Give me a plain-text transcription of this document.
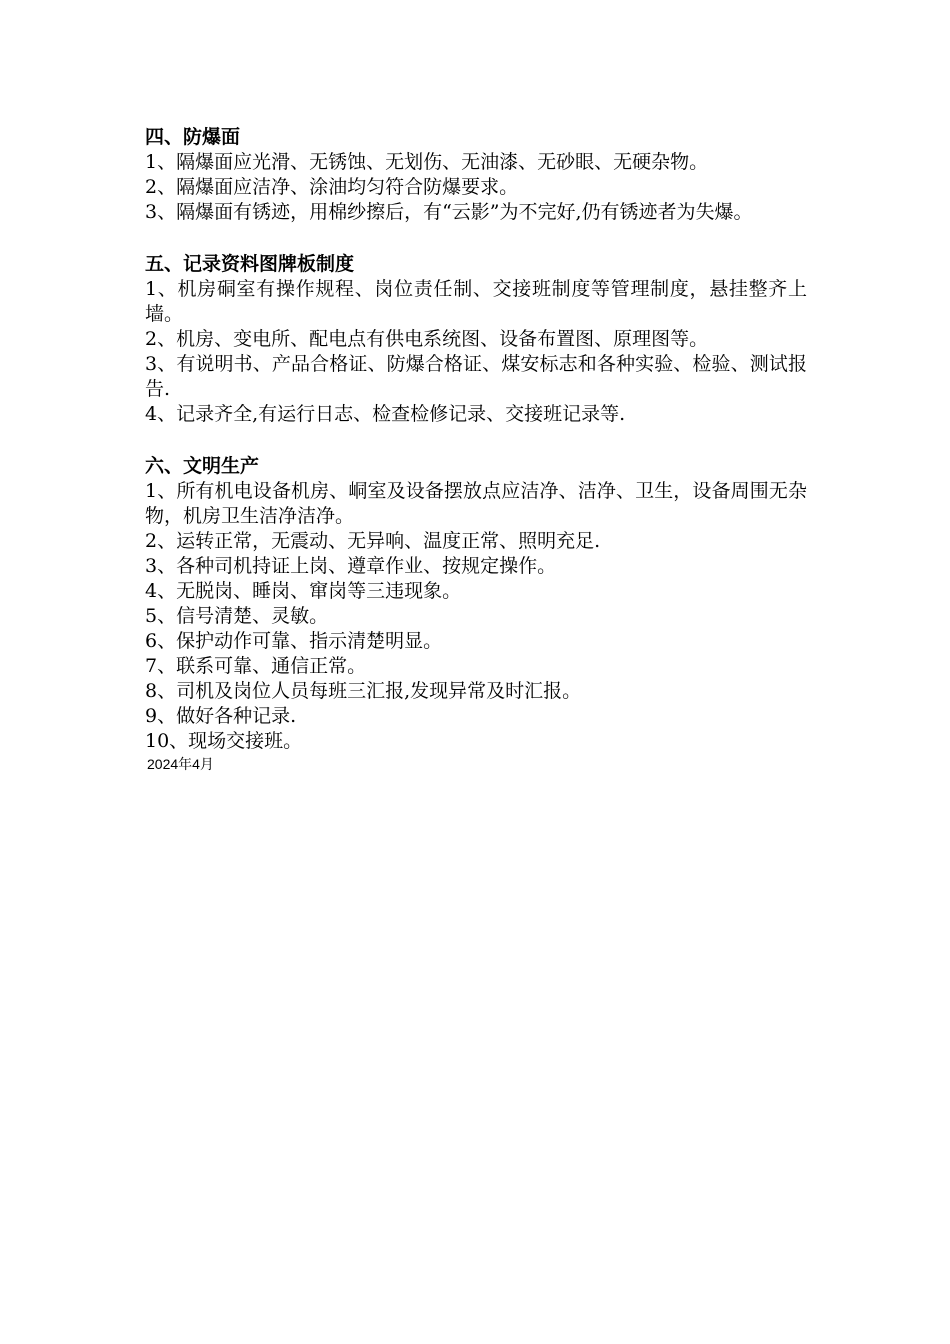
四、防爆面

1、隔爆面应光滑、无锈蚀、无划伤、无油漆、无砂眼、无硬杂物。

2、隔爆面应洁净、涂油均匀符合防爆要求。

3、隔爆面有锈迹，用棉纱擦后，有“云影”为不完好,仍有锈迹者为失爆。

五、记录资料图牌板制度

1、机房硐室有操作规程、岗位责任制、交接班制度等管理制度，悬挂整齐上墙。

2、机房、变电所、配电点有供电系统图、设备布置图、原理图等。

3、有说明书、产品合格证、防爆合格证、煤安标志和各种实验、检验、测试报告.

4、记录齐全,有运行日志、检查检修记录、交接班记录等.

六、文明生产

1、所有机电设备机房、峒室及设备摆放点应洁净、洁净、卫生，设备周围无杂物，机房卫生洁净洁净。

2、运转正常，无震动、无异响、温度正常、照明充足.

3、各种司机持证上岗、遵章作业、按规定操作。

4、无脱岗、睡岗、窜岗等三违现象。

5、信号清楚、灵敏。

6、保护动作可靠、指示清楚明显。

7、联系可靠、通信正常。

8、司机及岗位人员每班三汇报,发现异常及时汇报。

9、做好各种记录.

10、现场交接班。

2024年4月
